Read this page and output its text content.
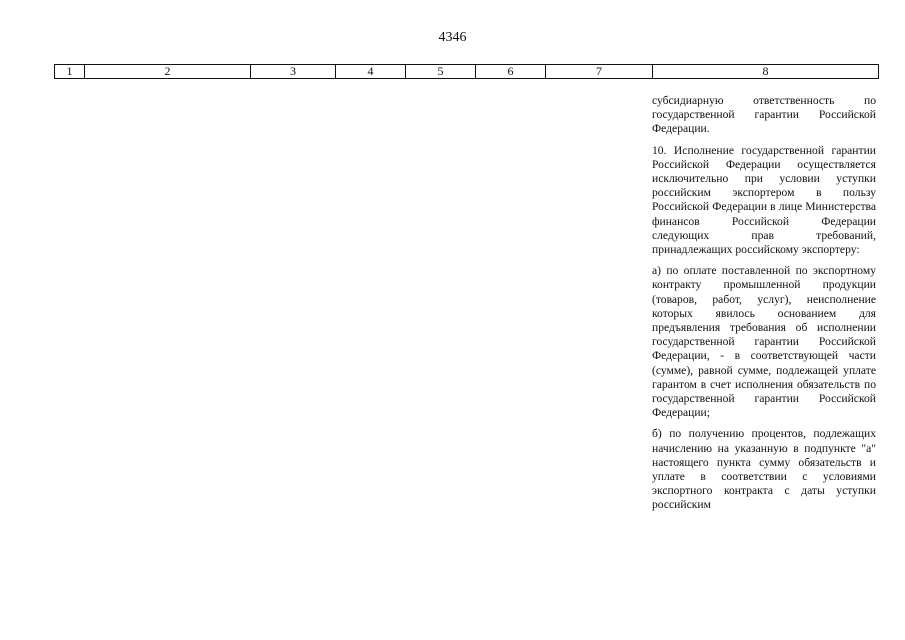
4346
1	2	3	4	5	6	7	8

субсидиарную ответственность по государственной гарантии Российской Федерации.

10. Исполнение государственной гарантии Российской Федерации осуществляется исключительно при условии уступки российским экспортером в пользу Российской Федерации в лице Министерства финансов Российской Федерации следующих прав требований, принадлежащих российскому экспортеру:

а) по оплате поставленной по экспортному контракту промышленной продукции (товаров, работ, услуг), неисполнение которых явилось основанием для предъявления требования об исполнении государственной гарантии Российской Федерации, - в соответствующей части (сумме), равной сумме, подлежащей уплате гарантом в счет исполнения обязательств по государственной гарантии Российской Федерации;

б) по получению процентов, подлежащих начислению на указанную в подпункте "а" настоящего пункта сумму обязательств и уплате в соответствии с условиями экспортного контракта с даты уступки российским
